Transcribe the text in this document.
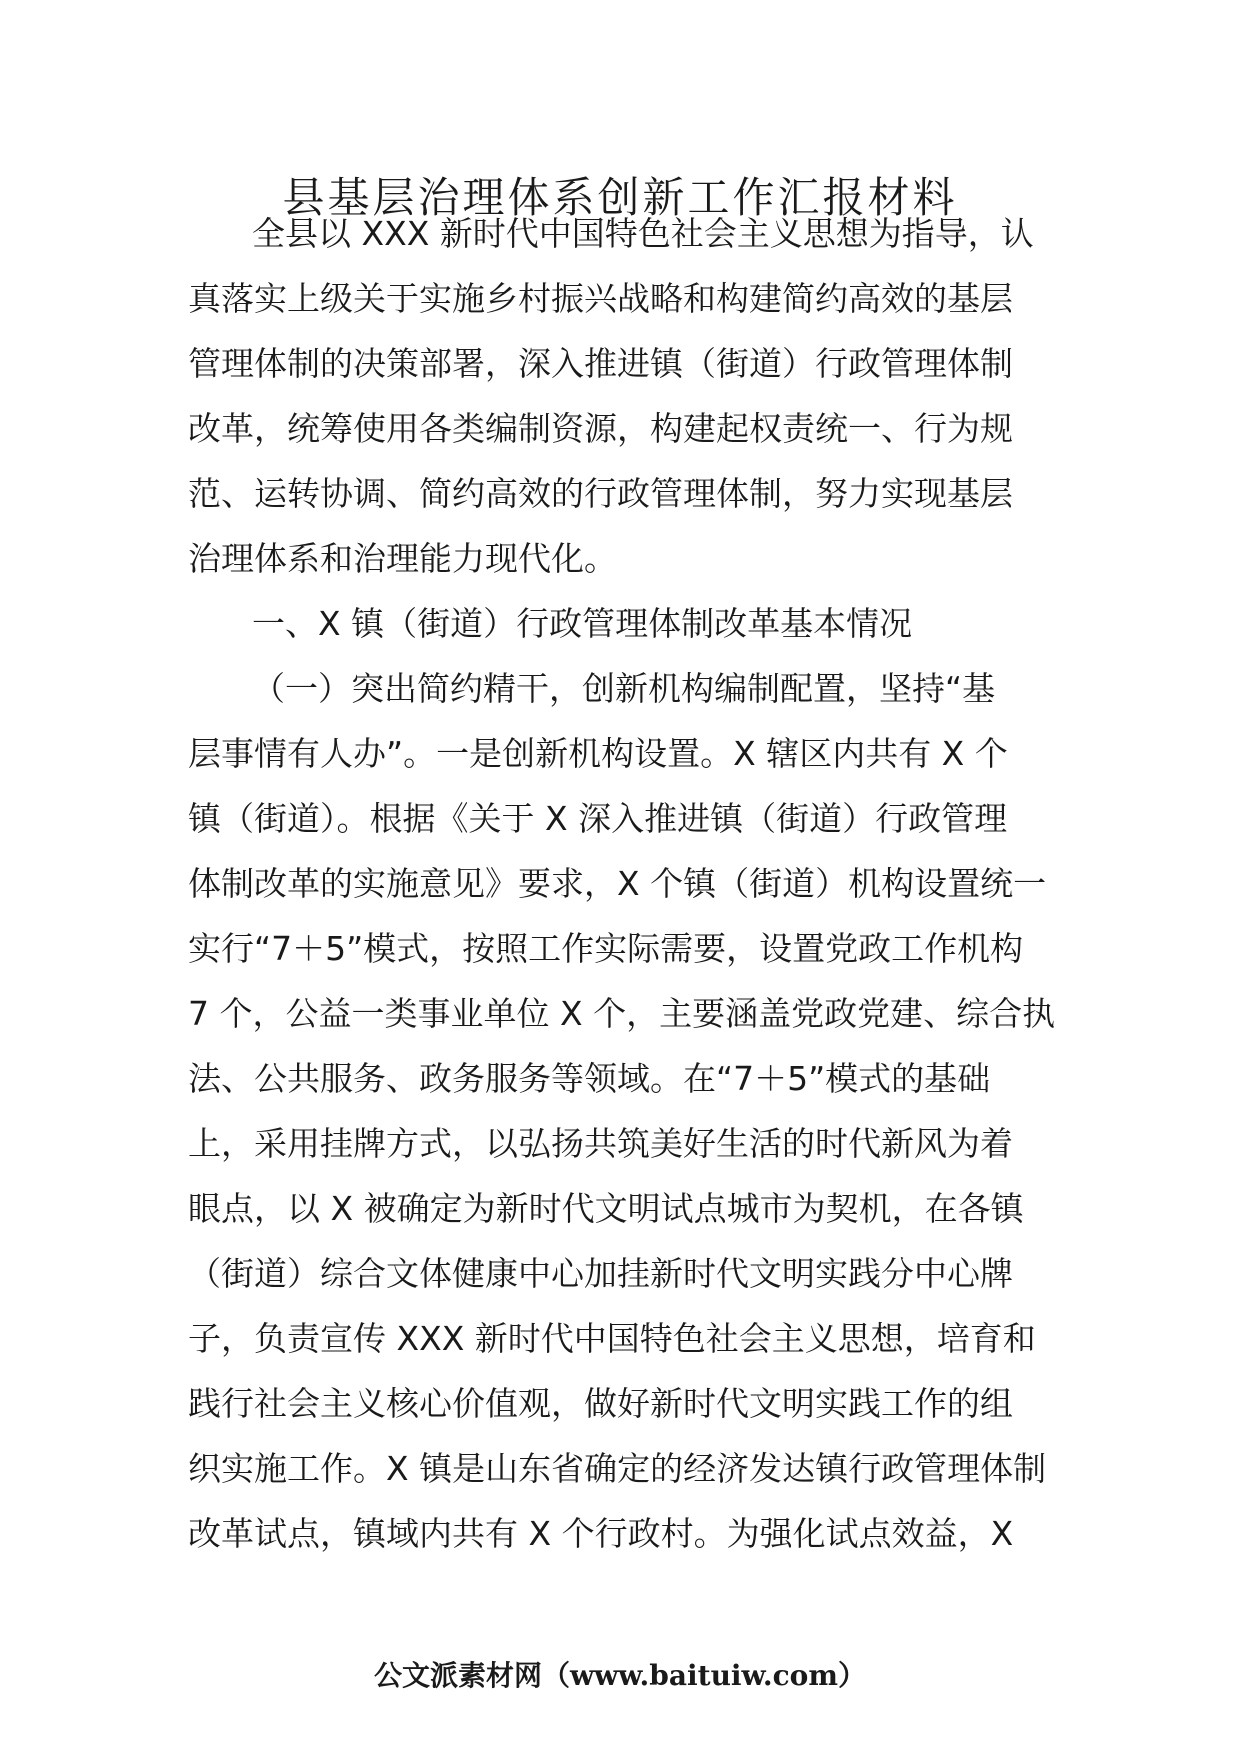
县基层治理体系创新工作汇报材料

全县以 XXX 新时代中国特色社会主义思想为指导，认

真落实上级关于实施乡村振兴战略和构建简约高效的基层

管理体制的决策部署，深入推进镇（街道）行政管理体制

改革，统筹使用各类编制资源，构建起权责统一、行为规

范、运转协调、简约高效的行政管理体制，努力实现基层

治理体系和治理能力现代化。

一、X 镇（街道）行政管理体制改革基本情况

（一）突出简约精干，创新机构编制配置，坚持“基

层事情有人办”。一是创新机构设置。X 辖区内共有 X 个

镇（街道）。根据《关于 X 深入推进镇（街道）行政管理

体制改革的实施意见》要求，X 个镇（街道）机构设置统一

实行“7＋5”模式，按照工作实际需要，设置党政工作机构

7 个，公益一类事业单位 X 个，主要涵盖党政党建、综合执

法、公共服务、政务服务等领域。在“7＋5”模式的基础

上，采用挂牌方式，以弘扬共筑美好生活的时代新风为着

眼点，以 X 被确定为新时代文明试点城市为契机，在各镇

（街道）综合文体健康中心加挂新时代文明实践分中心牌

子，负责宣传 XXX 新时代中国特色社会主义思想，培育和

践行社会主义核心价值观，做好新时代文明实践工作的组

织实施工作。X 镇是山东省确定的经济发达镇行政管理体制

改革试点，镇域内共有 X 个行政村。为强化试点效益，X

公文派素材网（www.baituiw.com）
